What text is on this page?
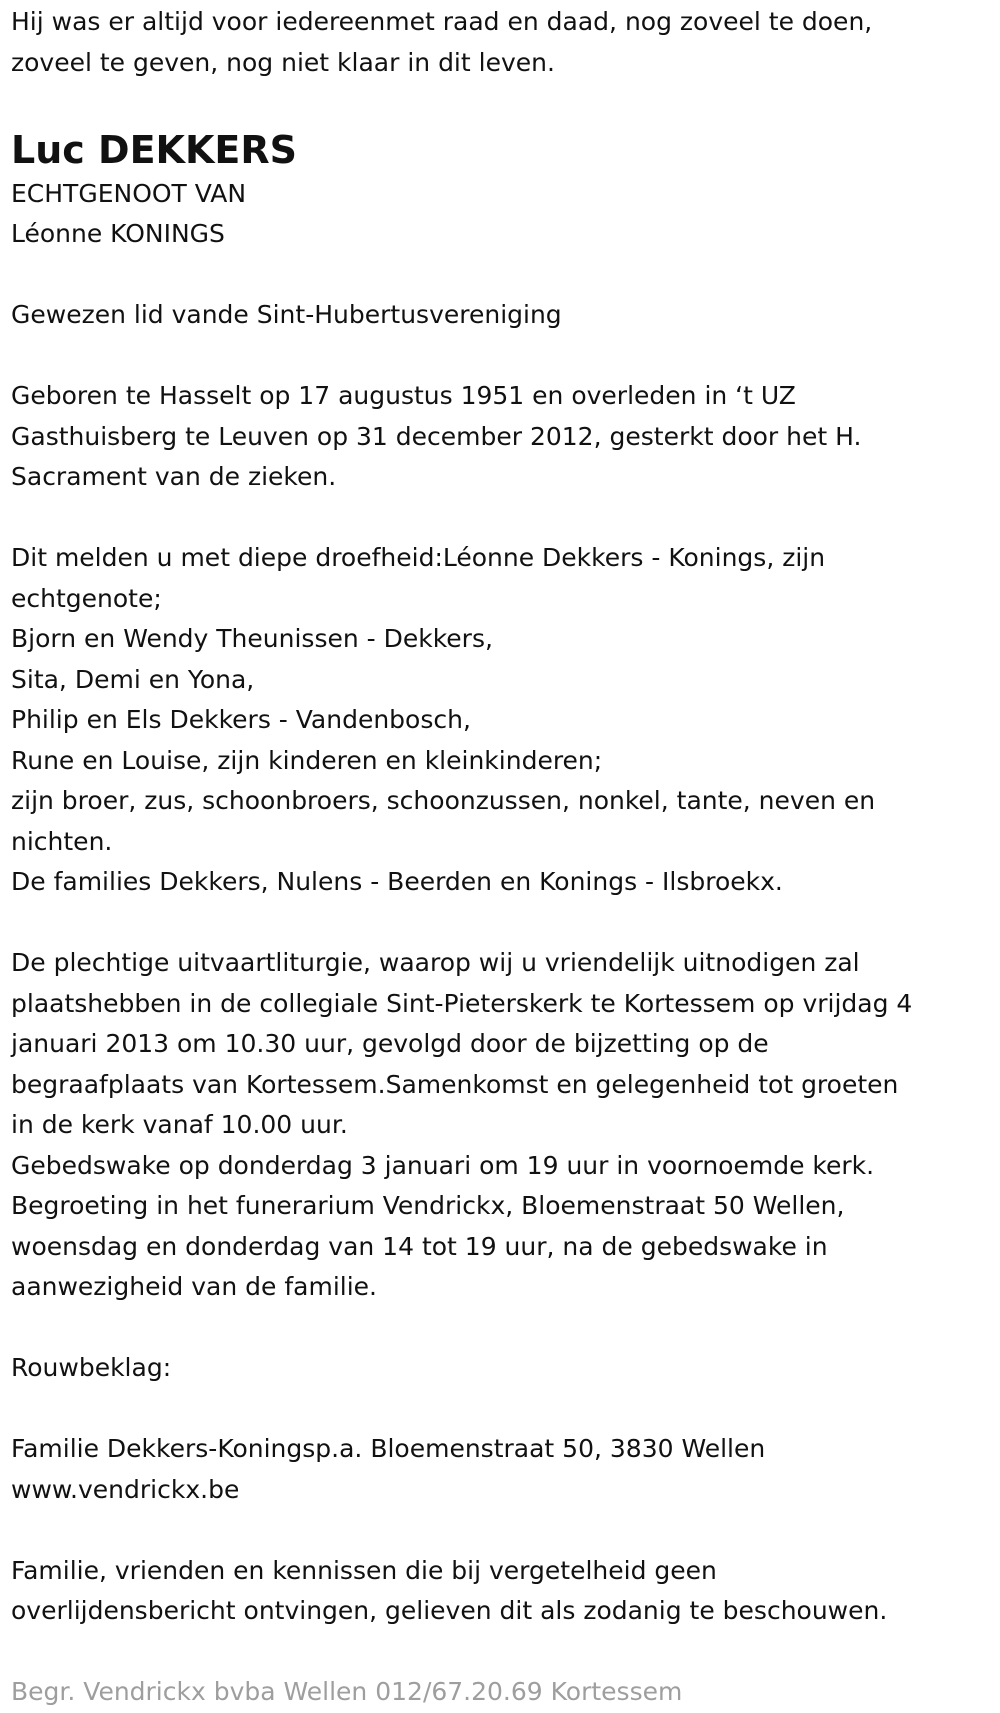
Hij was er altijd voor iedereenmet raad en daad, nog zoveel te doen,
zoveel te geven, nog niet klaar in dit leven.

Luc DEKKERS

ECHTGENOOT VAN

Léonne KONINGS

Gewezen lid vande Sint-Hubertusvereniging

Geboren te Hasselt op 17 augustus 1951 en overleden in ‘t UZ
Gasthuisberg te Leuven op 31 december 2012, gesterkt door het H.
Sacrament van de zieken.

Dit melden u met diepe droefheid:Léonne Dekkers - Konings, zijn
echtgenote;
Bjorn en Wendy Theunissen - Dekkers,
Sita, Demi en Yona,
Philip en Els Dekkers - Vandenbosch,
Rune en Louise, zijn kinderen en kleinkinderen;
zijn broer, zus, schoonbroers, schoonzussen, nonkel, tante, neven en
nichten.
De families Dekkers, Nulens - Beerden en Konings - Ilsbroekx.

De plechtige uitvaartliturgie, waarop wij u vriendelijk uitnodigen zal
plaatshebben in de collegiale Sint-Pieterskerk te Kortessem op vrijdag 4
januari 2013 om 10.30 uur, gevolgd door de bijzetting op de
begraafplaats van Kortessem.Samenkomst en gelegenheid tot groeten
in de kerk vanaf 10.00 uur.
Gebedswake op donderdag 3 januari om 19 uur in voornoemde kerk.
Begroeting in het funerarium Vendrickx, Bloemenstraat 50 Wellen,
woensdag en donderdag van 14 tot 19 uur, na de gebedswake in
aanwezigheid van de familie.

Rouwbeklag:

Familie Dekkers-Koningsp.a. Bloemenstraat 50, 3830 Wellen
www.vendrickx.be

Familie, vrienden en kennissen die bij vergetelheid geen
overlijdensbericht ontvingen, gelieven dit als zodanig te beschouwen.

Begr. Vendrickx bvba Wellen 012/67.20.69 Kortessem
